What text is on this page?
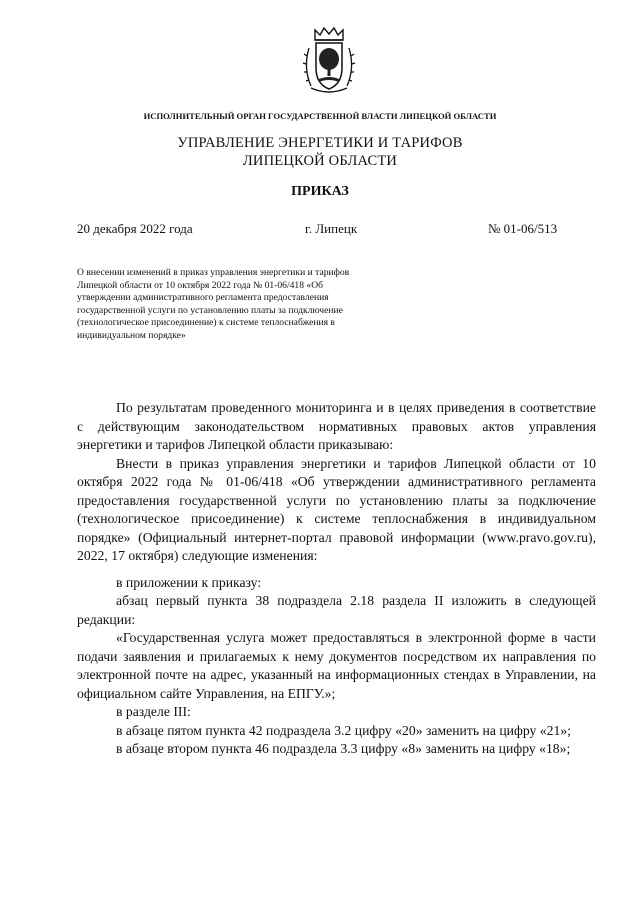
ИСПОЛНИТЕЛЬНЫЙ ОРГАН ГОСУДАРСТВЕННОЙ ВЛАСТИ ЛИПЕЦКОЙ ОБЛАСТИ
УПРАВЛЕНИЕ ЭНЕРГЕТИКИ И ТАРИФОВ
ЛИПЕЦКОЙ ОБЛАСТИ
ПРИКАЗ
20 декабря 2022 года	г. Липецк	№ 01-06/513
О внесении изменений в приказ управления энергетики и тарифов Липецкой области от 10 октября 2022 года № 01-06/418 «Об утверждении административного регламента предоставления государственной услуги по установлению платы за подключение (технологическое присоединение) к системе теплоснабжения в индивидуальном порядке»

По результатам проведенного мониторинга и в целях приведения в соответствие с действующим законодательством нормативных правовых актов управления энергетики и тарифов Липецкой области приказываю:

Внести в приказ управления энергетики и тарифов Липецкой области от 10 октября 2022 года № 01-06/418 «Об утверждении административного регламента предоставления государственной услуги по установлению платы за подключение (технологическое присоединение) к системе теплоснабжения в индивидуальном порядке» (Официальный интернет-портал правовой информации (www.pravo.gov.ru), 2022, 17 октября) следующие изменения:

в приложении к приказу:

абзац первый пункта 38 подраздела 2.18 раздела II изложить в следующей редакции:

«Государственная услуга может предоставляться в электронной форме в части подачи заявления и прилагаемых к нему документов посредством их направления по электронной почте на адрес, указанный на информационных стендах в Управлении, на официальном сайте Управления, на ЕПГУ.»;

в разделе III:

в абзаце пятом пункта 42 подраздела 3.2 цифру «20» заменить на цифру «21»;

в абзаце втором пункта 46 подраздела 3.3 цифру «8» заменить на цифру «18»;
